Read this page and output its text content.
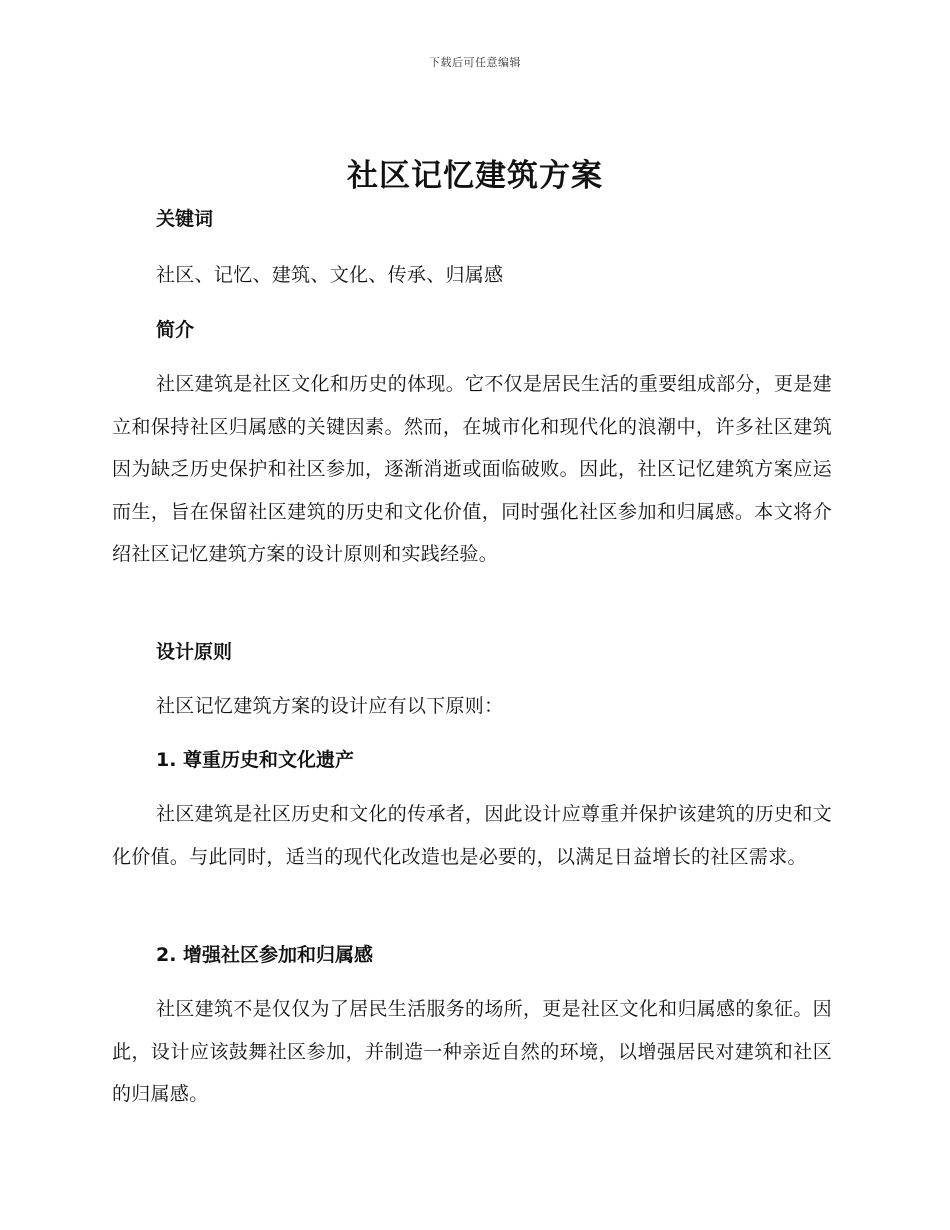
下载后可任意编辑
社区记忆建筑方案
关键词
社区、记忆、建筑、文化、传承、归属感
简介

社区建筑是社区文化和历史的体现。它不仅是居民生活的重要组成部分，更是建立和保持社区归属感的关键因素。然而，在城市化和现代化的浪潮中，许多社区建筑因为缺乏历史保护和社区参加，逐渐消逝或面临破败。因此，社区记忆建筑方案应运而生，旨在保留社区建筑的历史和文化价值，同时强化社区参加和归属感。本文将介绍社区记忆建筑方案的设计原则和实践经验。

设计原则
社区记忆建筑方案的设计应有以下原则：
1. 尊重历史和文化遗产

社区建筑是社区历史和文化的传承者，因此设计应尊重并保护该建筑的历史和文化价值。与此同时，适当的现代化改造也是必要的，以满足日益增长的社区需求。

2. 增强社区参加和归属感

社区建筑不是仅仅为了居民生活服务的场所，更是社区文化和归属感的象征。因此，设计应该鼓舞社区参加，并制造一种亲近自然的环境，以增强居民对建筑和社区的归属感。
